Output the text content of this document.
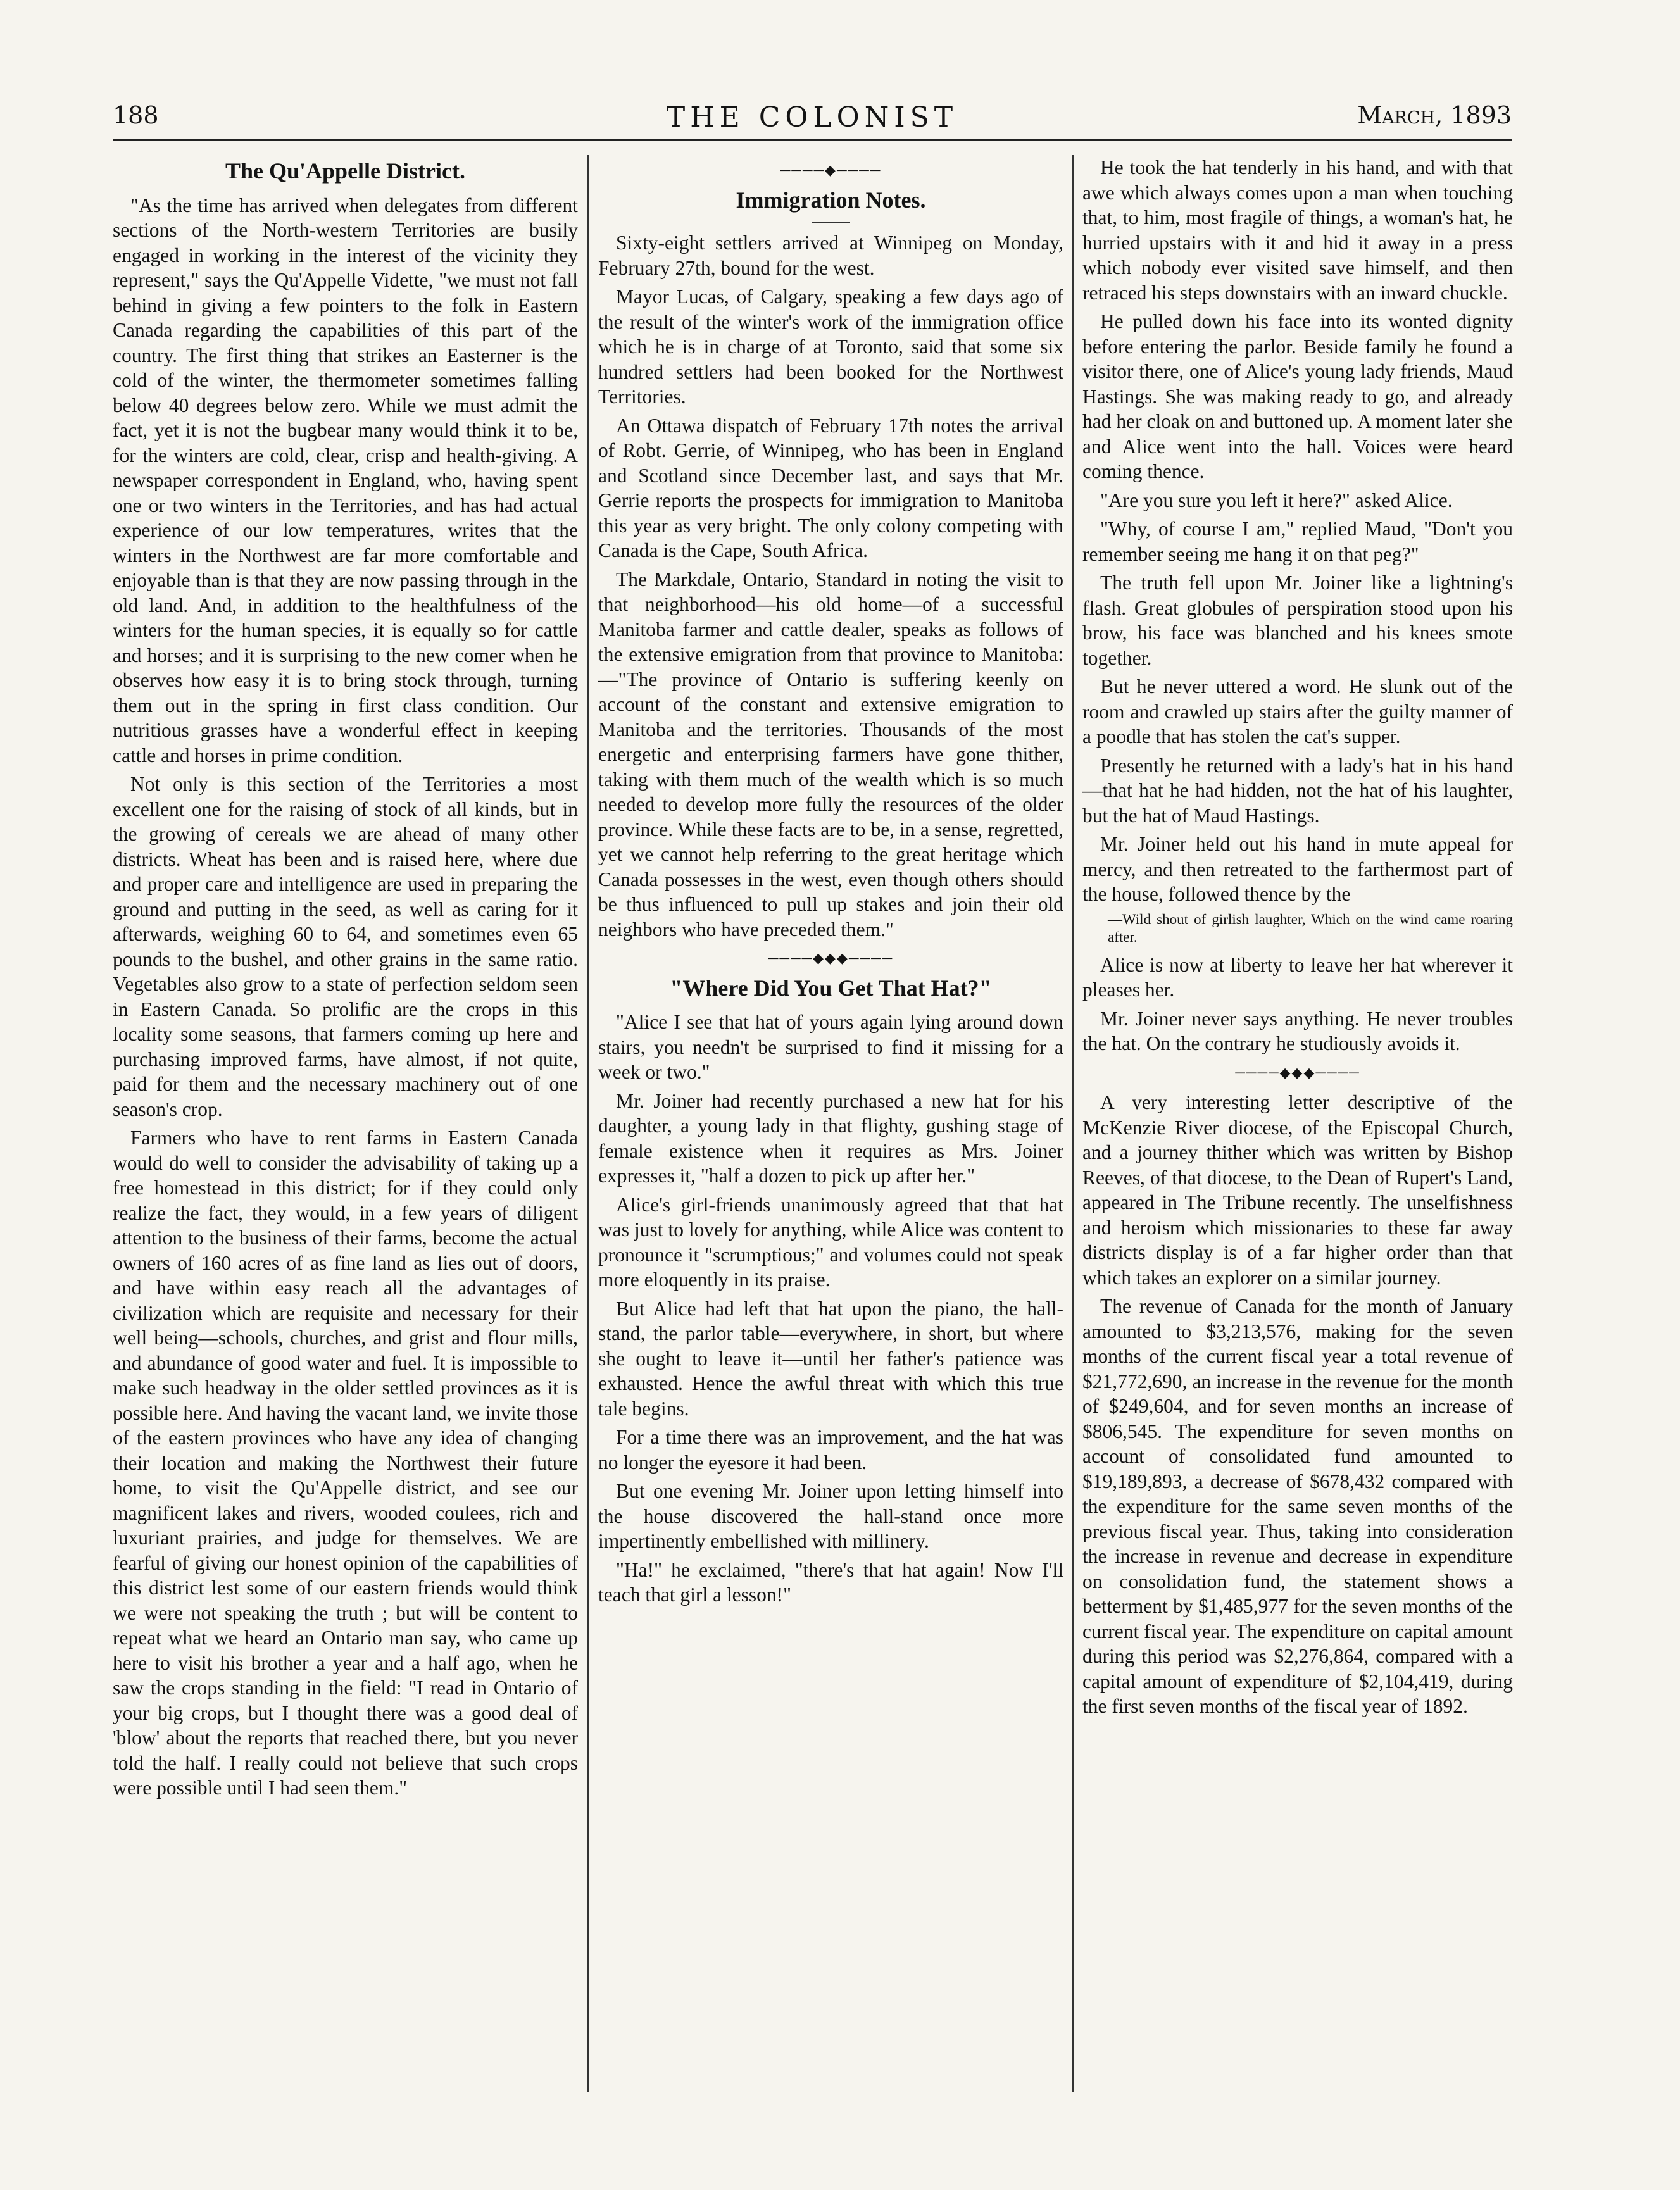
188	THE COLONIST	March, 1893
The Qu'Appelle District.

"As the time has arrived when delegates from different sections of the North-western Territories are busily engaged in working in the interest of the vicinity they represent," says the Qu'Appelle Vidette, "we must not fall behind in giving a few pointers to the folk in Eastern Canada regarding the capabilities of this part of the country. The first thing that strikes an Easterner is the cold of the winter, the thermometer sometimes falling below 40 degrees below zero. While we must admit the fact, yet it is not the bugbear many would think it to be, for the winters are cold, clear, crisp and health-giving. A newspaper correspondent in England, who, having spent one or two winters in the Territories, and has had actual experience of our low temperatures, writes that the winters in the Northwest are far more comfortable and enjoyable than is that they are now passing through in the old land. And, in addition to the healthfulness of the winters for the human species, it is equally so for cattle and horses; and it is surprising to the new comer when he observes how easy it is to bring stock through, turning them out in the spring in first class condition. Our nutritious grasses have a wonderful effect in keeping cattle and horses in prime condition.

Not only is this section of the Territories a most excellent one for the raising of stock of all kinds, but in the growing of cereals we are ahead of many other districts. Wheat has been and is raised here, where due and proper care and intelligence are used in preparing the ground and putting in the seed, as well as caring for it afterwards, weighing 60 to 64, and sometimes even 65 pounds to the bushel, and other grains in the same ratio. Vegetables also grow to a state of perfection seldom seen in Eastern Canada. So prolific are the crops in this locality some seasons, that farmers coming up here and purchasing improved farms, have almost, if not quite, paid for them and the necessary machinery out of one season's crop.

Farmers who have to rent farms in Eastern Canada would do well to consider the advisability of taking up a free homestead in this district; for if they could only realize the fact, they would, in a few years of diligent attention to the business of their farms, become the actual owners of 160 acres of as fine land as lies out of doors, and have within easy reach all the advantages of civilization which are requisite and necessary for their well being—schools, churches, and grist and flour mills, and abundance of good water and fuel. It is impossible to make such headway in the older settled provinces as it is possible here. And having the vacant land, we invite those of the eastern provinces who have any idea of changing their location and making the Northwest their future home, to visit the Qu'Appelle district, and see our magnificent lakes and rivers, wooded coulees, rich and luxuriant prairies, and judge for themselves. We are fearful of giving our honest opinion of the capabilities of this district lest some of our eastern friends would think we were not speaking the truth ; but will be content to repeat what we heard an Ontario man say, who came up here to visit his brother a year and a half ago, when he saw the crops standing in the field: "I read in Ontario of your big crops, but I thought there was a good deal of 'blow' about the reports that reached there, but you never told the half. I really could not believe that such crops were possible until I had seen them."

────◆────
Immigration Notes.

Sixty-eight settlers arrived at Winnipeg on Monday, February 27th, bound for the west.

Mayor Lucas, of Calgary, speaking a few days ago of the result of the winter's work of the immigration office which he is in charge of at Toronto, said that some six hundred settlers had been booked for the Northwest Territories.

An Ottawa dispatch of February 17th notes the arrival of Robt. Gerrie, of Winnipeg, who has been in England and Scotland since December last, and says that Mr. Gerrie reports the prospects for immigration to Manitoba this year as very bright. The only colony competing with Canada is the Cape, South Africa.

The Markdale, Ontario, Standard in noting the visit to that neighborhood—his old home—of a successful Manitoba farmer and cattle dealer, speaks as follows of the extensive emigration from that province to Manitoba:—"The province of Ontario is suffering keenly on account of the constant and extensive emigration to Manitoba and the territories. Thousands of the most energetic and enterprising farmers have gone thither, taking with them much of the wealth which is so much needed to develop more fully the resources of the older province. While these facts are to be, in a sense, regretted, yet we cannot help referring to the great heritage which Canada possesses in the west, even though others should be thus influenced to pull up stakes and join their old neighbors who have preceded them."

────◆◆◆────
"Where Did You Get That Hat?"

"Alice I see that hat of yours again lying around down stairs, you needn't be surprised to find it missing for a week or two."

Mr. Joiner had recently purchased a new hat for his daughter, a young lady in that flighty, gushing stage of female existence when it requires as Mrs. Joiner expresses it, "half a dozen to pick up after her."

Alice's girl-friends unanimously agreed that that hat was just to lovely for anything, while Alice was content to pronounce it "scrumptious;" and volumes could not speak more eloquently in its praise.

But Alice had left that hat upon the piano, the hall-stand, the parlor table—everywhere, in short, but where she ought to leave it—until her father's patience was exhausted. Hence the awful threat with which this true tale begins.

For a time there was an improvement, and the hat was no longer the eyesore it had been.

But one evening Mr. Joiner upon letting himself into the house discovered the hall-stand once more impertinently embellished with millinery.

"Ha!" he exclaimed, "there's that hat again! Now I'll teach that girl a lesson!"

He took the hat tenderly in his hand, and with that awe which always comes upon a man when touching that, to him, most fragile of things, a woman's hat, he hurried upstairs with it and hid it away in a press which nobody ever visited save himself, and then retraced his steps downstairs with an inward chuckle.

He pulled down his face into its wonted dignity before entering the parlor. Beside family he found a visitor there, one of Alice's young lady friends, Maud Hastings. She was making ready to go, and already had her cloak on and buttoned up. A moment later she and Alice went into the hall. Voices were heard coming thence.

"Are you sure you left it here?" asked Alice.

"Why, of course I am," replied Maud, "Don't you remember seeing me hang it on that peg?"

The truth fell upon Mr. Joiner like a lightning's flash. Great globules of perspiration stood upon his brow, his face was blanched and his knees smote together.

But he never uttered a word. He slunk out of the room and crawled up stairs after the guilty manner of a poodle that has stolen the cat's supper.

Presently he returned with a lady's hat in his hand—that hat he had hidden, not the hat of his laughter, but the hat of Maud Hastings.

Mr. Joiner held out his hand in mute appeal for mercy, and then retreated to the farthermost part of the house, followed thence by the

—Wild shout of girlish laughter, Which on the wind came roaring after.

Alice is now at liberty to leave her hat wherever it pleases her.

Mr. Joiner never says anything. He never troubles the hat. On the contrary he studiously avoids it.

────◆◆◆────

A very interesting letter descriptive of the McKenzie River diocese, of the Episcopal Church, and a journey thither which was written by Bishop Reeves, of that diocese, to the Dean of Rupert's Land, appeared in The Tribune recently. The unselfishness and heroism which missionaries to these far away districts display is of a far higher order than that which takes an explorer on a similar journey.

The revenue of Canada for the month of January amounted to $3,213,576, making for the seven months of the current fiscal year a total revenue of $21,772,690, an increase in the revenue for the month of $249,604, and for seven months an increase of $806,545. The expenditure for seven months on account of consolidated fund amounted to $19,189,893, a decrease of $678,432 compared with the expenditure for the same seven months of the previous fiscal year. Thus, taking into consideration the increase in revenue and decrease in expenditure on consolidation fund, the statement shows a betterment by $1,485,977 for the seven months of the current fiscal year. The expenditure on capital amount during this period was $2,276,864, compared with a capital amount of expenditure of $2,104,419, during the first seven months of the fiscal year of 1892.
